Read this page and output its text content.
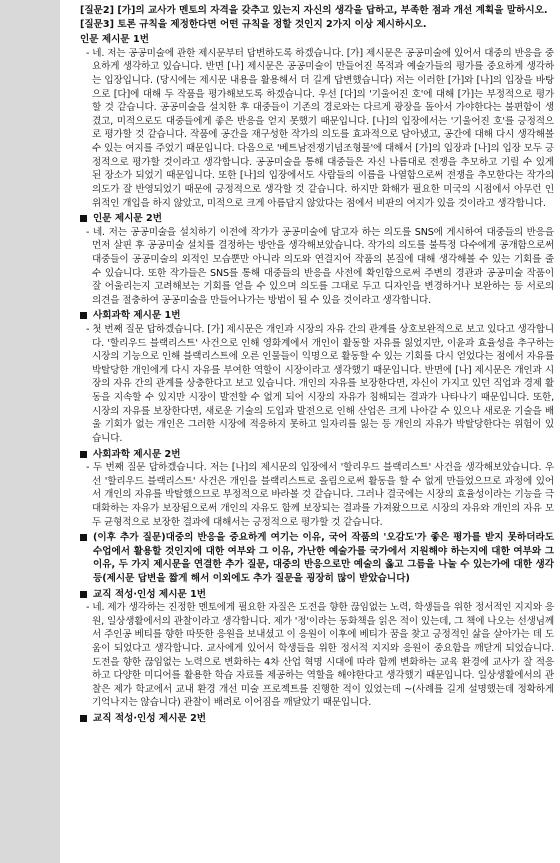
[질문2] [가]의 교사가 멘토의 자격을 갖추고 있는지 자신의 생각을 답하고, 부족한 점과 개선 계획을 말하시오.

[질문3] 토론 규칙을 제정한다면 어떤 규칙을 정할 것인지 2가지 이상 제시하시오.

인문 제시문 1번

- 네. 저는 공공미술에 관한 제시문부터 답변하도록 하겠습니다. [가] 제시문은 공공미술에 있어서 대중의 반응을 중요하게 생각하고 있습니다. 반면 [나] 제시문은 공공미술이 만들어진 목적과 예술가들의 평가를 중요하게 생각하는 입장입니다. (당시에는 제시문 내용을 활용해서 더 길게 답변했습니다) 저는 이러한 [가]와 [나]의 입장을 바탕으로 [다]에 대해 두 작품을 평가해보도록 하겠습니다. 우선 [다]의 '기울어진 호'에 대해 [가]는 부정적으로 평가할 것 같습니다. 공공미술을 설치한 후 대중들이 기존의 경로와는 다르게 광장을 돌아서 가야한다는 불편함이 생겼고, 미적으로도 대중들에게 좋은 반응을 얻지 못했기 때문입니다. [나]의 입장에서는 '기울어진 호'를 긍정적으로 평가할 것 같습니다. 작품에 공간을 재구성한 작가의 의도를 효과적으로 담아냈고, 공간에 대해 다시 생각해볼 수 있는 여지를 주었기 때문입니다. 다음으로 '베트남전쟁기념조형물'에 대해서 [가]의 입장과 [나]의 입장 모두 긍정적으로 평가할 것이라고 생각합니다. 공공미술을 통해 대중들은 자신 나름대로 전쟁을 추모하고 기릴 수 있게 된 장소가 되었기 때문입니다. 또한 [나]의 입장에서도 사람들의 이름을 나열함으로써 전쟁을 추모한다는 작가의 의도가 잘 반영되었기 때문에 긍정적으로 생각할 것 같습니다. 하지만 화해가 필요한 미국의 시점에서 아무런 인위적인 개입을 하지 않았고, 미적으로 크게 아름답지 않았다는 점에서 비판의 여지가 있을 것이라고 생각합니다.

인문 제시문 2번

- 네. 저는 공공미술을 설치하기 이전에 작가가 공공미술에 담고자 하는 의도를 SNS에 게시하여 대중들의 반응을 먼저 살핀 후 공공미술 설치를 결정하는 방안을 생각해보았습니다. 작가의 의도를 불특정 다수에게 공개함으로써 대중들이 공공미술의 외적인 모습뿐만 아니라 의도와 연결지어 작품의 본질에 대해 생각해볼 수 있는 기회를 줄 수 있습니다. 또한 작가들은 SNS를 통해 대중들의 반응을 사전에 확인함으로써 주변의 경관과 공공미술 작품이 잘 어울리는지 고려해보는 기회를 얻을 수 있으며 의도를 그대로 두고 디자인을 변경하거나 보완하는 등 서로의 의견을 절충하여 공공미술을 만들어나가는 방법이 될 수 있을 것이라고 생각합니다.

사회과학 제시문 1번

- 첫 번째 질문 답하겠습니다. [가] 제시문은 개인과 시장의 자유 간의 관계를 상호보완적으로 보고 있다고 생각합니다. '할리우드 블랙리스트' 사건으로 인해 영화계에서 개인이 활동할 자유를 잃었지만, 이윤과 효율성을 추구하는 시장의 기능으로 인해 블랙리스트에 오른 인물들이 익명으로 활동할 수 있는 기회를 다시 얻었다는 점에서 자유를 박탈당한 개인에게 다시 자유를 부여한 역할이 시장이라고 생각했기 때문입니다. 반면에 [나] 제시문은 개인과 시장의 자유 간의 관계를 상충한다고 보고 있습니다. 개인의 자유를 보장한다면, 자신이 가지고 있던 직업과 경제 활동을 지속할 수 있지만 시장이 발전할 수 없게 되어 시장의 자유가 침해되는 결과가 나타나기 때문입니다. 또한, 시장의 자유를 보장한다면, 새로운 기술의 도입과 발전으로 인해 산업은 크게 나아갈 수 있으나 새로운 기술을 배울 기회가 없는 개인은 그러한 시장에 적응하지 못하고 일자리를 잃는 등 개인의 자유가 박탈당한다는 위험이 있습니다.

사회과학 제시문 2번

- 두 번째 질문 답하겠습니다. 저는 [나]의 제시문의 입장에서 '할리우드 블랙리스트' 사건을 생각해보았습니다. 우선 '할리우드 블랙리스트' 사건은 개인을 블랙리스트로 올림으로써 활동을 할 수 없게 만들었으므로 과정에 있어서 개인의 자유를 박탈했으므로 부정적으로 바라볼 것 같습니다. 그러나 결국에는 시장의 효율성이라는 기능을 극대화하는 자유가 보장됨으로써 개인의 자유도 함께 보장되는 결과를 가져왔으므로 시장의 자유와 개인의 자유 모두 균형적으로 보장한 결과에 대해서는 긍정적으로 평가할 것 같습니다.

(이후 추가 질문)대중의 반응을 중요하게 여기는 이유, 국어 작품의 '오감도'가 좋은 평가를 받지 못하더라도 수업에서 활용할 것인지에 대한 여부와 그 이유, 가난한 예술가를 국가에서 지원해야 하는지에 대한 여부와 그 이유, 두 가지 제시문을 연결한 추가 질문, 대중의 반응으로만 예술의 옳고 그름을 나눌 수 있는가에 대한 생각 등(제시문 답변을 짧게 해서 이외에도 추가 질문을 굉장히 많이 받았습니다)
교직 적성·인성 제시문 1번

- 네. 제가 생각하는 진정한 멘토에게 필요한 자질은 도전을 향한 끊임없는 노력, 학생들을 위한 정서적인 지지와 응원, 일상생활에서의 관찰이라고 생각합니다. 제가 '정'이라는 동화책을 읽은 적이 있는데, 그 책에 나오는 선생님께서 주인공 베티를 향한 따뜻한 응원을 보내셨고 이 응원이 이후에 베티가 꿈을 찾고 긍정적인 삶을 살아가는 데 도움이 되었다고 생각합니다. 교사에게 있어서 학생들을 위한 정서적 지지와 응원이 중요함을 깨닫게 되었습니다. 도전을 향한 끊임없는 노력으로 변화하는 4차 산업 혁명 시대에 따라 함께 변화하는 교육 환경에 교사가 잘 적응하고 다양한 미디어를 활용한 학습 자료를 제공하는 역할을 해야한다고 생각했기 때문입니다. 일상생활에서의 관찰은 제가 학교에서 교내 환경 개선 미술 프로젝트를 진행한 적이 있었는데 ~(사례를 길게 설명했는데 정확하게 기억나지는 않습니다) 관찰이 배려로 이어짐을 깨달았기 때문입니다.

교직 적성·인성 제시문 2번
